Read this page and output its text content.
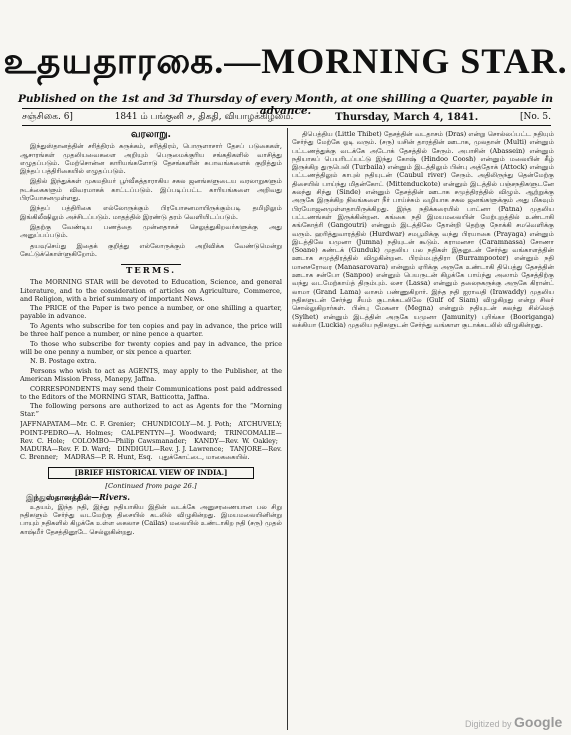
உதயதாரகை.—MORNING STAR.
Published on the 1st and 3d Thursday of every Month, at one shilling a Quarter, payable in advance.
சஞ்சிகை. 6]	1841 ம் பங்குனி ௪, திகதி, வியாழக்கிழமை.	Thursday, March 4, 1841.	[No. 5.
வரலாறு.

இந்துஸ்தானத்தின் சரித்திரம் சுருக்கம், சரித்திரம், பொருளாசார் தேசப் படுகைகள், ஆசாரங்கள் முதலியவைகளை அறியும் பெருமைக்குரிய சங்கதிகளில் வாசித்து எழுதப்படும். மேற்சொன்ன காரியங்களோடு தேசங்களின் சுபாவங்களைக் குறித்தும் இந்தப் பத்திரிகையில் எழுதப்படும்.

இதில் இந்துக்கள் முகமதியர் பூர்வீகத்தாராகிய சகல ஜனங்களுடைய வரலாறுகளும் நடக்கைகளும் விவரமாகக் காட்டப்படும். இப்படிப்பட்ட காரியங்களை அறிவது பிரயோசனமுள்ளது.

இந்தப் பத்திரிகை எல்லோருக்கும் பிரயோசனமாயிருக்கும்படி தமிழிலும் இங்கிலீஷிலும் அச்சிடப்படும். மாதத்தில் இரண்டு தரம் வெளியிடப்படும்.

இதற்கு வேண்டிய பணத்தை முன்னதாகச் செலுத்துகிறவர்களுக்கு அது அனுப்பப்படும்.

தயவுசெய்து இதைக் குறித்து எல்லோருக்கும் அறிவிக்க வேண்டுமென்று கேட்டுக்கொள்ளுகிறோம்.

TERMS.

The MORNING STAR will be devoted to Education, Science, and general Literature, and to the consideration of articles on Agriculture, Commerce, and Religion, with a brief summary of important News.

The PRICE of the Paper is two pence a number, or one shilling a quarter, payable in advance.

To Agents who subscribe for ten copies and pay in advance, the price will be three half pence a number, or nine pence a quarter.

To those who subscribe for twenty copies and pay in advance, the price will be one penny a number, or six pence a quarter.

N. B. Postage extra.

Persons who wish to act as AGENTS, may apply to the Publisher, at the American Mission Press, Manepy, Jaffna.

CORRESPONDENTS may send their Communications post paid addressed to the Editors of the MORNING STAR, Batticotta, Jaffna.

The following persons are authorized to act as Agents for the “Morning Star.”

JAFFNAPATAM—Mr. C. F. Grenier; CHUNDICOLY—M. J. Poth; ATCHUVELY; POINT-PEDRO—A. Holmes; CALPENTYN—J. Woodward; TRINCOMALIE—Rev. C. Hole; COLOMBO—Philip Cawsmanader; KANDY—Rev. W. Oakley; MADURA—Rev. F. D. Ward; DINDIGUL—Rev. J. J. Lawrence; TANJORE—Rev. C. Brenner; MADRAS—P. R. Hunt, Esq. புதுக்கோட்டை, மாகைகையில்.
[BRIEF HISTORICAL VIEW OF INDIA.]
[Continued from page 26.]
இந்துஸ்தானத்தின்—Rivers.
உதயம், இந்த நதி, இந்து நதியாகிய இதின் வடக்கே அனுசரணையான பல சிறு நதிகளும் சேர்ந்து வடமேற்கு திசையில் கடலில் விழுகின்றது. இமயமலையினின்று பாயும் நதிகளில் கிழக்கே உள்ள கைலாச (Cailas) மலையில் உண்டாகிற நதி (சரு) முதல் காஷ்மீர் தேசத்தினூடே செல்லுகின்றது.
திபெத்திய (Little Thibet) தேசத்தின் வடதாசம் (Dras) என்று சொல்லப்பட்ட நதியும் சேர்ந்து மேற்கே ஓடி வரும். (சரு) யசின் தாரத்தின் ஊடாக, முலதான் (Multi) என்னும் பட்டணத்துக்கு வடக்கே அடோக் தேசத்தில் சேரும். அபாசின் (Abassein) என்னும் நதியாகப் பெயரிடப்பட்டு இந்து கோஷ் (Hindoo Coosh) என்னும் மலையின் கீழ் இருக்கிற துருபெலி (Turbaila) என்னும் இடத்திலும் பின்பு அத்தோக் (Attock) என்னும் பட்டணத்திலும் காபுல் நதியுடன் (Caubul river) சேரும். அதிலிருந்து தென்மேற்கு திசையில் பாய்ந்து மிதன்கோட் (Mittenduckote) என்னும் இடத்தில் பஞ்சநதிகளுடனே கலந்து சிந்து (Sinde) என்னும் தேசத்தின் ஊடாக சமுத்திரத்தில் விழும். ஆற்றுக்கு அருகே இருக்கிற நிலங்களை நீர் பாய்ச்சும் வழியாக சகல ஜனங்களுக்கும் அது மிகவும் பிரயோஜனமுள்ளதாயிருக்கிறது. இந்த நதிக்கரையில் பாட்னா (Patna) முதலிய பட்டணங்கள் இருக்கின்றன. கங்கை நதி இமயமலையின் மேற்புறத்தில் உண்டாகி கங்கோத்ரி (Gangoutri) என்னும் இடத்திலே தோன்றி தெற்கு நோக்கி சமவெளிக்கு வரும். ஹரித்துவாரத்தில் (Hurdwar) சமபூமிக்கு வந்து பிரயாகை (Prayaga) என்னும் இடத்திலே யமுனா (Jumna) நதியுடன் கூடும். கராமனசா (Caramnassa) சோணா (Soane) கண்டக் (Gunduk) முதலிய பல நதிகள் இதனுடன் சேர்ந்து வங்காளத்தின் ஊடாக சமுத்திரத்தில் விழுகின்றன. பிரம்மபுத்திரா (Burrampooter) என்னும் நதி மானசரோவர (Manasarovara) என்னும் ஏரிக்கு அருகே உண்டாகி திபெத்து தேசத்தின் ஊடாக சன்போ (Sanpoo) என்னும் பெயருடன் கிழக்கே பாய்ந்து அஸாம் தேசத்திற்கு வந்து வடமேற்காய்த் திரும்பும். லசா (Lassa) என்னும் தலைநகருக்கு அருகே கிரான்ட் லாமா (Grand Lama) வாசம் பண்ணுகிறார். இந்த நதி ஐராவதி (Irawaddy) முதலிய நதிகளுடன் சேர்ந்து சீயம் குடாக்கடலிலே (Gulf of Siam) விழுகிறது என்று சிலர் சொல்லுகிறார்கள். பின்பு மேகனா (Megna) என்னும் நதியுடன் கலந்து சில்லெத் (Sylhet) என்னும் இடத்தின் அருகே யமுனா (Jamunity) புரிங்கா (Booriganga) லக்கியா (Luckia) முதலிய நதிகளுடன் சேர்ந்து வங்காள குடாக்கடலில் விழுகின்றது.
Digitized by Google
